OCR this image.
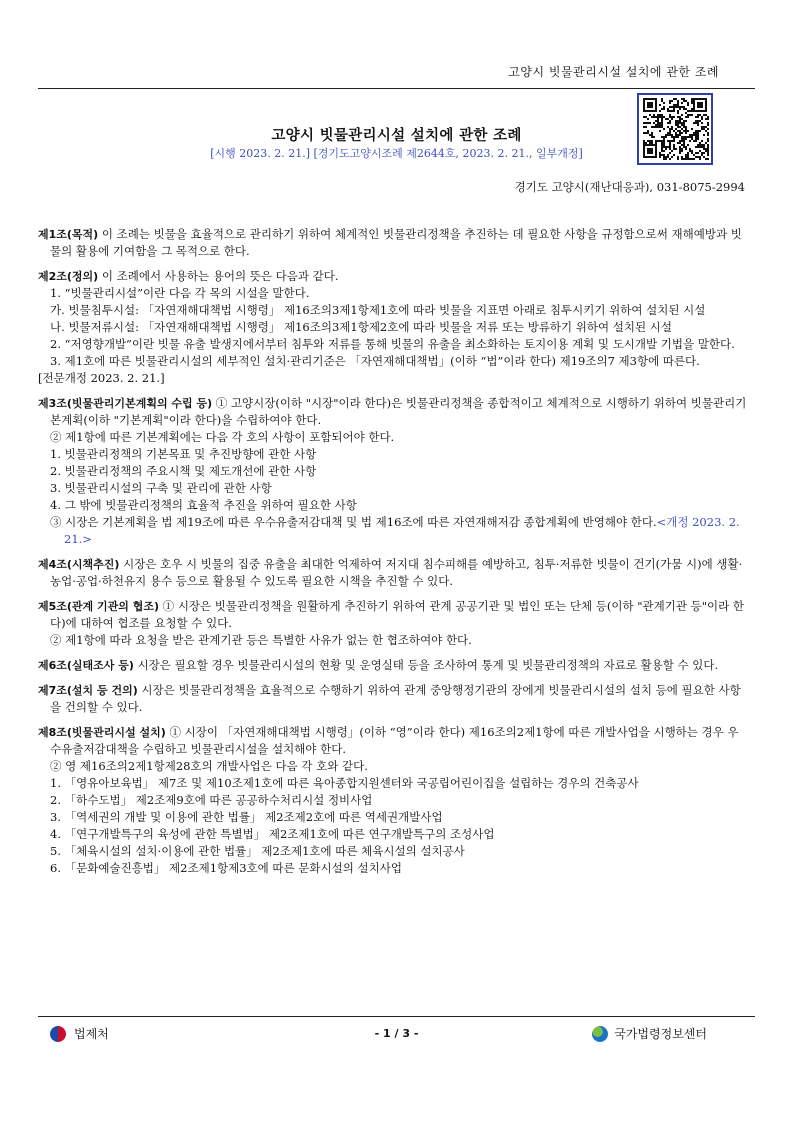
고양시 빗물관리시설 설치에 관한 조례
고양시 빗물관리시설 설치에 관한 조례
[시행 2023. 2. 21.] [경기도고양시조례 제2644호, 2023. 2. 21., 일부개정]
경기도 고양시(재난대응과), 031-8075-2994

제1조(목적) 이 조례는 빗물을 효율적으로 관리하기 위하여 체계적인 빗물관리정책을 추진하는 데 필요한 사항을 규정함으로써 재해예방과 빗물의 활용에 기여함을 그 목적으로 한다.

제2조(정의) 이 조례에서 사용하는 용어의 뜻은 다음과 같다.

1. “빗물관리시설”이란 다음 각 목의 시설을 말한다.

가. 빗물침투시설: 「자연재해대책법 시행령」 제16조의3제1항제1호에 따라 빗물을 지표면 아래로 침투시키기 위하여 설치된 시설

나. 빗물저류시설: 「자연재해대책법 시행령」 제16조의3제1항제2호에 따라 빗물을 저류 또는 방류하기 위하여 설치된 시설

2. “저영향개발”이란 빗물 유출 발생지에서부터 침투와 저류를 통해 빗물의 유출을 최소화하는 토지이용 계획 및 도시개발 기법을 말한다.

3. 제1호에 따른 빗물관리시설의 세부적인 설치·관리기준은 「자연재해대책법」(이하 “법”이라 한다) 제19조의7 제3항에 따른다.

[전문개정 2023. 2. 21.]

제3조(빗물관리기본계획의 수립 등) ① 고양시장(이하 "시장"이라 한다)은 빗물관리정책을 종합적이고 체계적으로 시행하기 위하여 빗물관리기본계획(이하 "기본계획"이라 한다)을 수립하여야 한다.

② 제1항에 따른 기본계획에는 다음 각 호의 사항이 포함되어야 한다.

1. 빗물관리정책의 기본목표 및 추진방향에 관한 사항

2. 빗물관리정책의 주요시책 및 제도개선에 관한 사항

3. 빗물관리시설의 구축 및 관리에 관한 사항

4. 그 밖에 빗물관리정책의 효율적 추진을 위하여 필요한 사항

③ 시장은 기본계획을 법 제19조에 따른 우수유출저감대책 및 법 제16조에 따른 자연재해저감 종합계획에 반영해야 한다.<개정 2023. 2. 21.>

제4조(시책추진) 시장은 호우 시 빗물의 집중 유출을 최대한 억제하여 저지대 침수피해를 예방하고, 침투·저류한 빗물이 건기(가뭄 시)에 생활·농업·공업·하천유지 용수 등으로 활용될 수 있도록 필요한 시책을 추진할 수 있다.

제5조(관계 기관의 협조) ① 시장은 빗물관리정책을 원활하게 추진하기 위하여 관계 공공기관 및 법인 또는 단체 등(이하 "관계기관 등"이라 한다)에 대하여 협조를 요청할 수 있다.

② 제1항에 따라 요청을 받은 관계기관 등은 특별한 사유가 없는 한 협조하여야 한다.

제6조(실태조사 등) 시장은 필요할 경우 빗물관리시설의 현황 및 운영실태 등을 조사하여 통계 및 빗물관리정책의 자료로 활용할 수 있다.

제7조(설치 등 건의) 시장은 빗물관리정책을 효율적으로 수행하기 위하여 관계 중앙행정기관의 장에게 빗물관리시설의 설치 등에 필요한 사항을 건의할 수 있다.

제8조(빗물관리시설 설치) ① 시장이 「자연재해대책법 시행령」(이하 “영”이라 한다) 제16조의2제1항에 따른 개발사업을 시행하는 경우 우수유출저감대책을 수립하고 빗물관리시설을 설치해야 한다.

② 영 제16조의2제1항제28호의 개발사업은 다음 각 호와 같다.

1. 「영유아보육법」 제7조 및 제10조제1호에 따른 육아종합지원센터와 국공립어린이집을 설립하는 경우의 건축공사

2. 「하수도법」 제2조제9호에 따른 공공하수처리시설 정비사업

3. 「역세권의 개발 및 이용에 관한 법률」 제2조제2호에 따른 역세권개발사업

4. 「연구개발특구의 육성에 관한 특별법」 제2조제1호에 따른 연구개발특구의 조성사업

5. 「체육시설의 설치·이용에 관한 법률」 제2조제1호에 따른 체육시설의 설치공사

6. 「문화예술진흥법」 제2조제1항제3호에 따른 문화시설의 설치사업

법제처	- 1 / 3 -	국가법령정보센터
